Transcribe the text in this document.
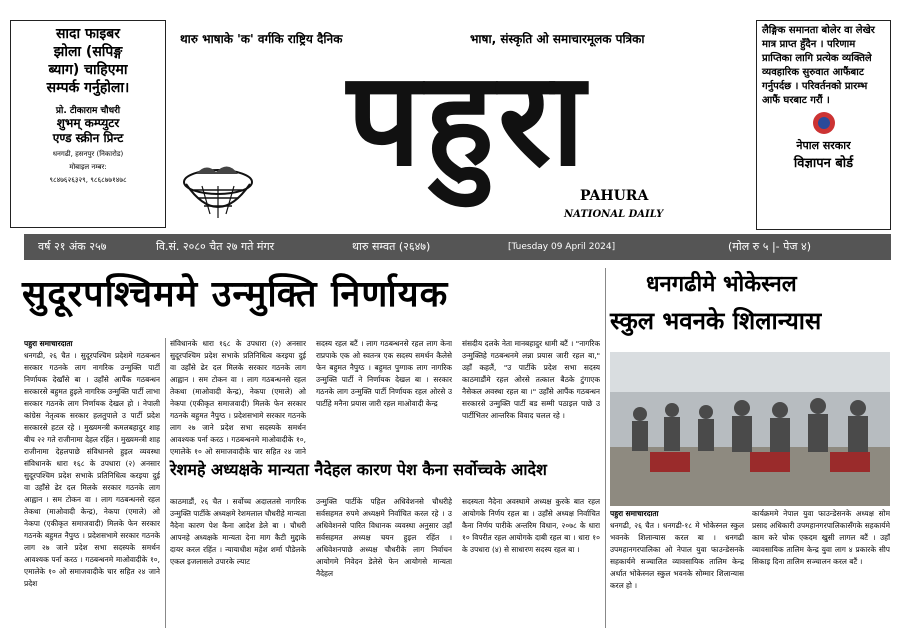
सादा फाइबर
झोला (सपिङ्ग
ब्याग) चाहिएमा
सम्पर्क गर्नुहोला।
प्रो. टीकाराम चौधरी
शुभम् कम्प्युटर
एण्ड स्क्रीन प्रिन्ट
धनगढी, हसनपुर (निकारोड)
मोबाइल नम्बर:
९८४७६२६३२९, ९८६८७७१४७८
थारु भाषाके 'क' वर्गकि राष्ट्रिय दैनिक	भाषा, संस्कृति ओ समाचारमूलक पत्रिका
पहुरा
PAHURA
NATIONAL DAILY
लैङ्गिक समानता बोलेर वा लेखेर मात्र प्राप्त हुँदैन । परिणाम प्राप्तिका लागि प्रत्येक व्यक्तिले व्यवहारिक सुरुवात आफैंबाट गर्नुपर्दछ । परिवर्तनको प्रारम्भ आफैं घरबाट गरौं ।
नेपाल सरकार
विज्ञापन बोर्ड
वर्ष २१ अंक २५७	वि.सं. २०८० चैत २७ गते मंगर	थारु सम्वत (२६४७)	[Tuesday 09 April 2024]	(मोल रु ५ |- पेज ४)
सुदूरपश्चिममे उन्मुक्ति निर्णायक
पहुरा समाचारदाता
धनगढी, २६ चैत । सुदूरपश्चिम प्रदेशमे गठबन्धन सरकार गठनके लाग नागरिक उन्मुक्ति पार्टी निर्णायक देखाँसे बा । उहाँसे आपैंक गठबन्धन सरकारसे बहुमत हुइले नागरिक उन्मुक्ति पार्टी लाभा सरकार गठनके लाग निर्णायक देखल हो । नेपाली कांग्रेस नेतृत्वक सरकार हलतुपाले उ पार्टी प्रदेश सरकारसे हटल रहे । मुख्यमन्त्री कमलबहादुर शाह बीच २२ गते राजीनामा देहल रहिंत । मुख्यमन्त्री शाह राजीनामा देहलपाछे संविधानसे हुइल व्यवस्था
संविधानके धारा १६८ के उपधारा (२) अनसार सुदूरपश्चिम प्रदेश सभाके प्रतिनिधित्व करइया दुई वा उहाँसे ढेर दल मिलके सरकार गठनके लाग आह्वान । सम टोकन वा । लाग गठबन्धनसे रहल तेकथा (माओवादी केन्द्र), नेकपा (एमाले) ओ नेकपा (एकीकृत समाजवादी) मिलके फेन सरकार गठनके बहुमत नैपुग्ठ । प्रदेशसभामे सरकार गठनके लाग २७ जाने प्रदेश सभा सदस्यके समर्थन आवश्यक पर्ना करठ । गठबन्धनमे माओवादीके १०, एमालेके १० ओ समाजवादीके चार सहित २४ जाने प्रदेश
संविधानके धारा १६८ के उपधारा (२) अनसार सुदूरपश्चिम प्रदेश सभाके प्रतिनिधित्व करइया दुई वा उहाँसे ढेर दल मिलके सरकार गठनके लाग आह्वान । सम टोकन वा । लाग गठबन्धनसे रहल तेकथा (माओवादी केन्द्र), नेकपा (एमाले) ओ नेकपा (एकीकृत समाजवादी) मिलके फेन सरकार गठनके बहुमत नैपुग्ठ । प्रदेशसभामे सरकार गठनके लाग २७ जाने प्रदेश सभा सदस्यके समर्थन आवश्यक पर्ना करठ । गठबन्धनमे माओवादीके १०, एमालेके १० ओ समाजवादीके चार सहित २४ जाने
सदस्य रहल बटैं । लाग गठबन्धनसे रहल लाग केना राप्रपाके एक ओ स्वतन्त्र एक सदस्य समर्थन कैलेसे फेन बहुमत नैपुग्ठ । बहुमत पुग्गाक लाग नागरिक उन्मुक्ति पार्टी ने निर्णायक देखल बा । सरकार गठनके लाग उन्मुक्ति पार्टी निर्णायक रहल ओरसे उ पार्टीहे मनैना प्रयास जारी रहल माओवादी केन्द्र
संसदीय दलके नेता मानबहादुर धामी बटैं । "नागरिक उन्मुक्तिहे गठबन्धनमे लन्ना प्रयास जारी रहल बा," उहाँ कहलैं, "उ पार्टीके प्रदेश सभा सदस्य काठमाडौंमे रहल ओरसे तत्काल बैठके टुंगाएक नैसेकल अवस्था रहल बा ।" उहाँसे आपैंक गठबन्धन सरकारसे उन्मुक्ति पार्टी बड सम्मी पठाइल पाछे उ पार्टीभितर आन्तरिक विवाद चलल रहे ।
रेशमहे अध्यक्षके मान्यता नैदेहल कारण पेश कैना सर्वोच्चके आदेश
काठमाडौं, २६ चैत । सर्वोच्च अदालतसे नागरिक उन्मुक्ति पार्टीके अध्यक्षमे रेशमलाल चौधरीहे मान्यता नैदेना कारण पेश कैना आदेश डेले बा । चौधरी आपनहे अध्यक्षके मान्यता देना माग कैटी मुद्दाके दायर करल रहिंत । न्यायाधीश महेश शर्मा पौडेलके एकल इजलासले उपारके ल्याट
उन्मुक्ति पार्टीके पहिल अधिवेशनसे चौधरीहे सर्वसहमत रुपमे अध्यक्षमे निर्वाचित करल रहे । उ अधिवेशनसे पारित विधानक व्यवस्था अनुसार उहाँ सर्वसहमत अध्यक्ष चयन हुइल रहिंत । अधिवेशनपाछे अध्यक्ष चौधरीके लाग निर्वाचन आयोगमे निवेदन डेलेसे फेन आयोगसे मान्यता नैदेहल
सदस्यता नैदेना अवस्थामे अध्यक्ष कुरके बात रहल आयोगके निर्णय रहल बा । उहाँसे अध्यक्ष निर्वाचित कैना निर्णय पारीके अन्तरिम विधान, २०७८ के धारा १० विपरीत रहल आयोगके दाबी रहल बा । धारा १० के उपधारा (४) से साधारण सदस्य रहल बा ।
धनगढीमे भोकेस्नल
स्कुल भवनके शिलान्यास
पहुरा समाचारदाता
धनगढी, २६ चैत । धनगढी-१८ मे भोकेस्नल स्कुल भवनके शिलान्यास करल बा । धनगढी उपमहानगरपालिका ओ नेपाल युवा फाउन्डेसनके सहकार्यमे सञ्चालित व्यावसायिक तालिम केन्द्र अर्थात भोकेस्नल स्कुल भवनके सोम्मार शिलान्यास करल हो ।
कार्यक्रममे नेपाल युवा फाउन्डेसनके अध्यक्ष सोम प्रसाद अधिकारी उपमहानगरपालिकासँगके सहकार्यमे काम करे चोक एकदम खुसी लागल बटैं । उहाँ व्यावसायिक तालिम केन्द्र युवा लाग ४ प्रकारके सीप सिकाइ दिना तालिम सञ्चालन करल बटैं ।
